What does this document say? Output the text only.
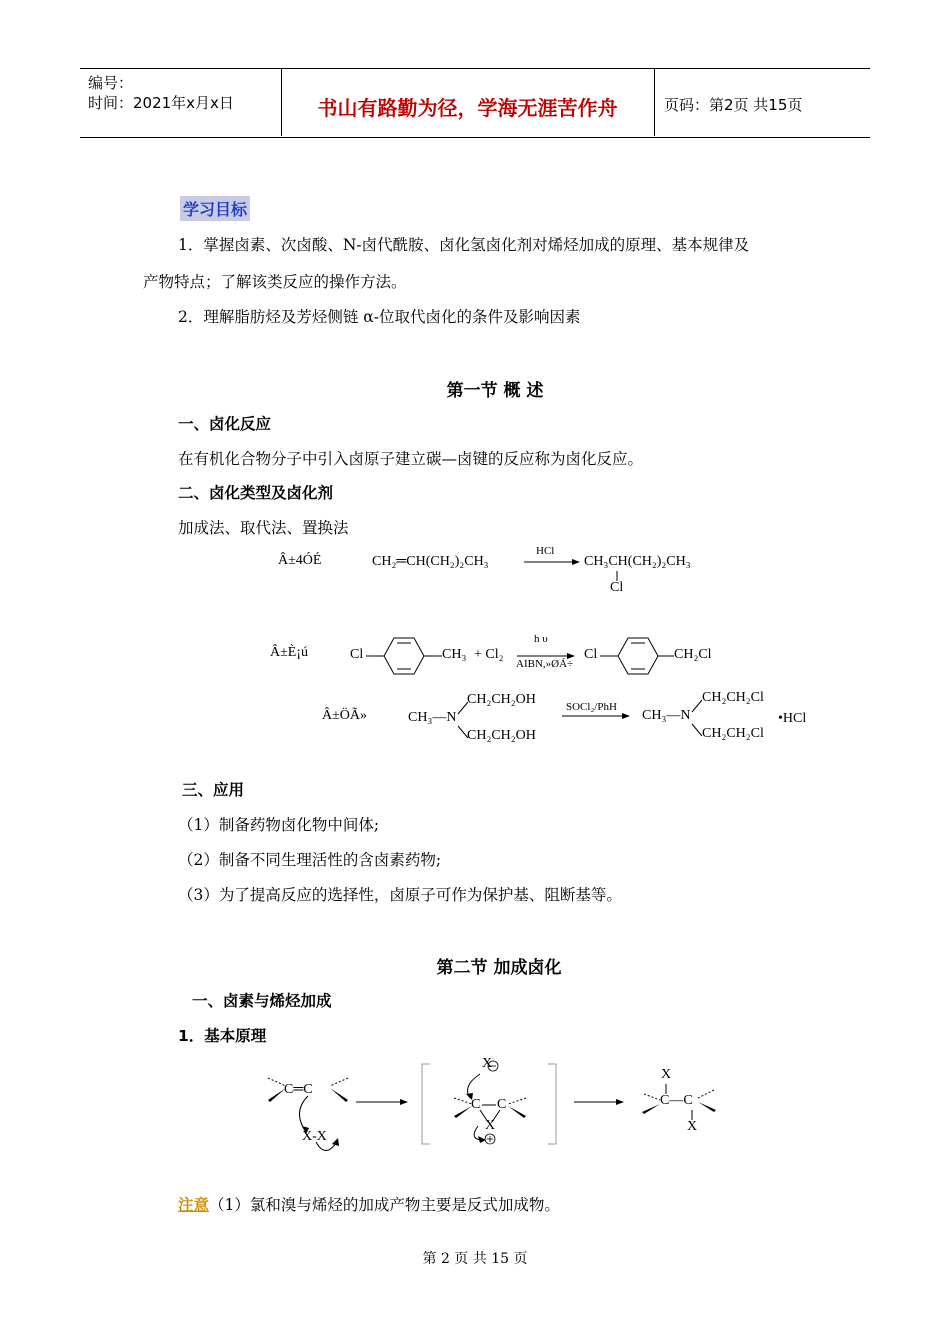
编号：
时间：2021年x月x日	书山有路勤为径，学海无涯苦作舟	页码：第2页 共15页
学习目标
1．掌握卤素、次卤酸、N-卤代酰胺、卤化氢卤化剂对烯烃加成的原理、基本规律及
产物特点；了解该类反应的操作方法。
2．理解脂肪烃及芳烃侧链 α-位取代卤化的条件及影响因素
第一节 概 述
一、卤化反应
在有机化合物分子中引入卤原子建立碳—卤键的反应称为卤化反应。
二、卤化类型及卤化剂
加成法、取代法、置换法
Â±4ÓÉ	CH₂═CH(CH₂)₂CH₃
HCl
→ CH₃CH(CH₂)₂CH₃
Cl
Â±È¡ú	Cl	CH₃ + Cl₂
h υ
AIBN,»ØÁ÷
Cl	CH₂Cl
Â±ÖÃ»	CH₃—N
CH₂CH₂OH
CH₂CH₂OH
SOCl₂/PhH
CH₃—N
CH₂CH₂Cl
CH₂CH₂Cl
•HCl
三、应用
（1）制备药物卤化物中间体;
（2）制备不同生理活性的含卤素药物;
（3）为了提高反应的选择性，卤原子可作为保护基、阻断基等。
第二节 加成卤化
一、卤素与烯烃加成
1．基本原理
C═C
X-X
X
C C
X
X
C—C
X
注意（1）氯和溴与烯烃的加成产物主要是反式加成物。
第 2 页 共 15 页
